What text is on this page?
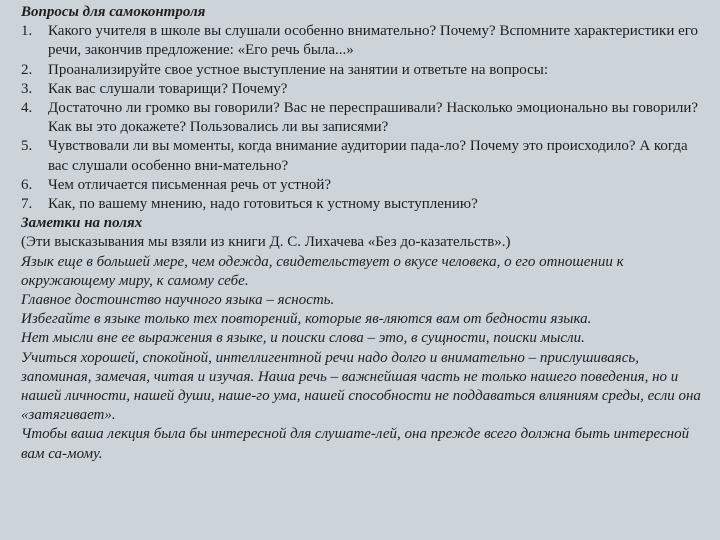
Вопросы для самоконтроля
1. Какого учителя в школе вы слушали особенно внимательно? Почему? Вспомните характеристики его речи, закончив предложение: «Его речь была...»
2. Проанализируйте свое устное выступление на занятии и ответьте на вопросы:
3. Как вас слушали товарищи? Почему?
4. Достаточно ли громко вы говорили? Вас не переспрашивали? Насколько эмоционально вы говорили? Как вы это докажете? Пользовались ли вы записями?
5. Чувствовали ли вы моменты, когда внимание аудитории пада-ло? Почему это происходило? А когда вас слушали особенно вни-мательно?
6. Чем отличается письменная речь от устной?
7. Как, по вашему мнению, надо готовиться к устному выступлению?
Заметки на полях

(Эти высказывания мы взяли из книги Д. С. Лихачева «Без до-казательств».)

Язык еще в большей мере, чем одежда, свидетельствует о вкусе человека, о его отношении к окружающему миру, к самому себе.

Главное достоинство научного языка – ясность.

Избегайте в языке только тех повторений, которые яв-ляются вам от бедности языка.

Нет мысли вне ее выражения в языке, и поиски слова – это, в сущности, поиски мысли.

Учиться хорошей, спокойной, интеллигентной речи надо долго и внимательно – прислушиваясь, запоминая, замечая, читая и изучая. Наша речь – важнейшая часть не только нашего поведения, но и нашей личности, нашей души, наше-го ума, нашей способности не поддаваться влияниям среды, если она «затягивает».

Чтобы ваша лекция была бы интересной для слушате-лей, она прежде всего должна быть интересной вам са-мому.
